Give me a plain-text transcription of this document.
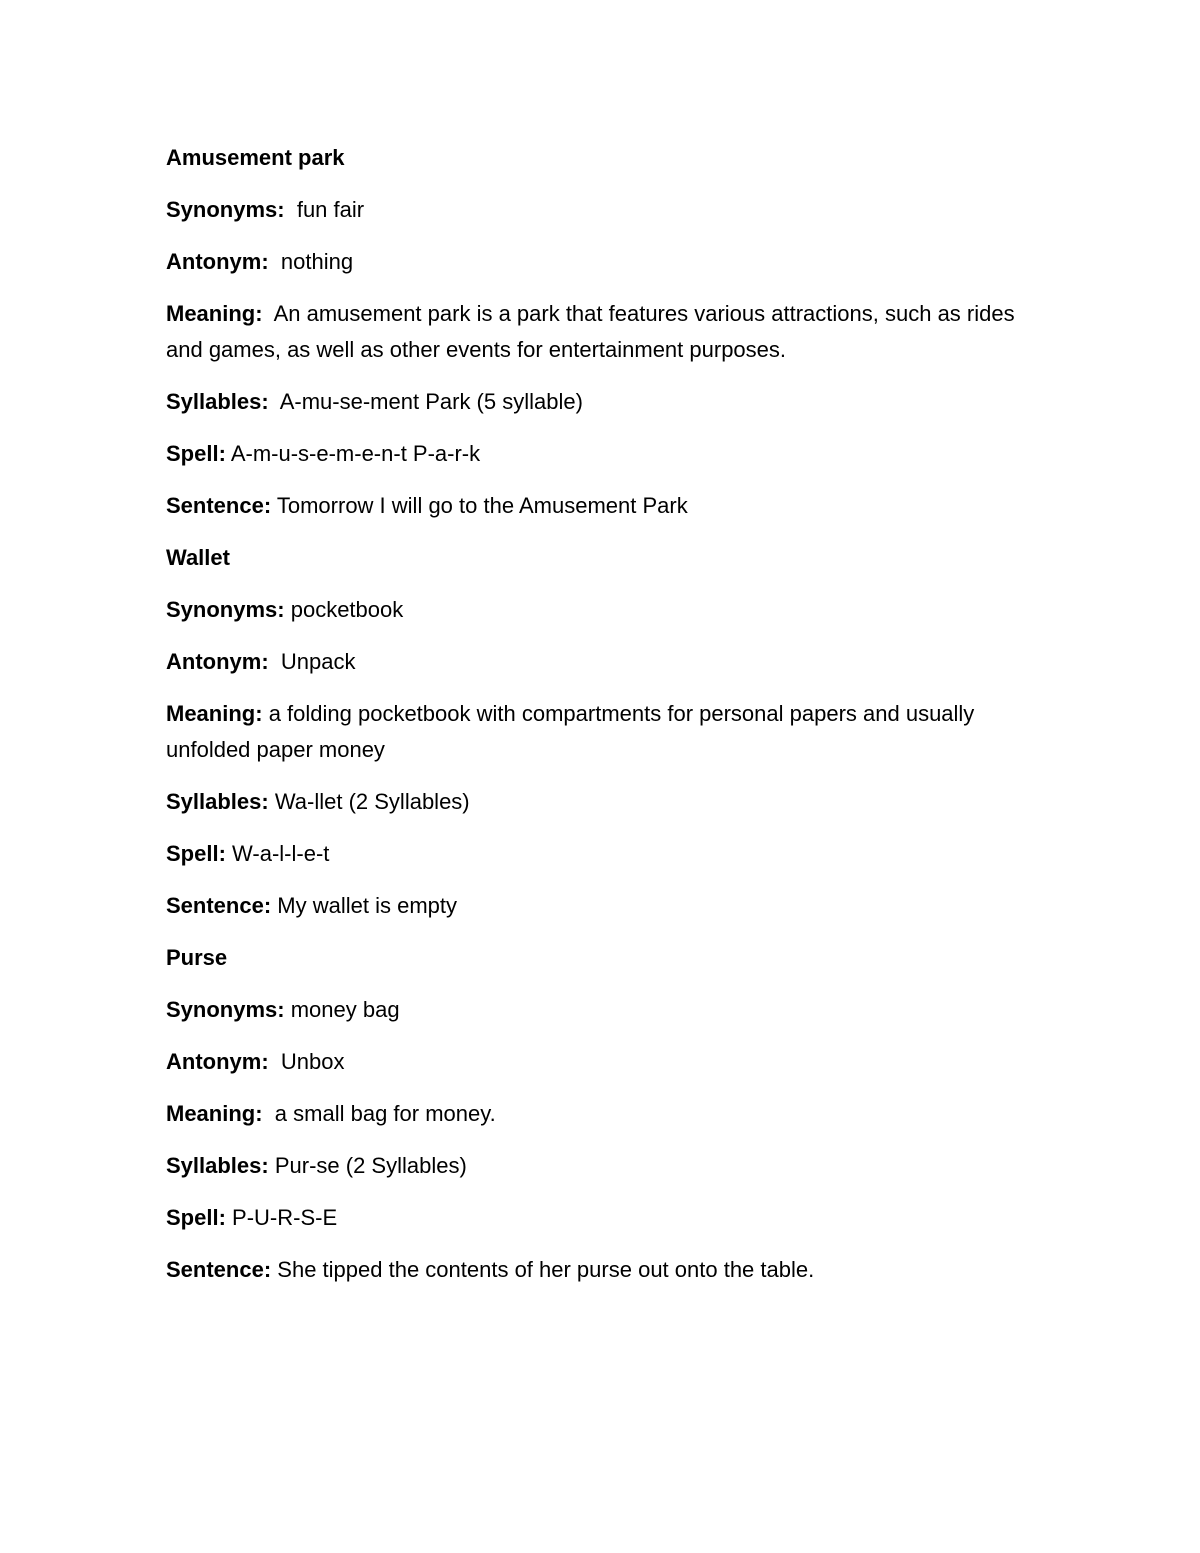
Amusement park

Synonyms: fun fair

Antonym: nothing

Meaning: An amusement park is a park that features various attractions, such as rides and games, as well as other events for entertainment purposes.

Syllables: A-mu-se-ment Park (5 syllable)

Spell: A-m-u-s-e-m-e-n-t P-a-r-k

Sentence: Tomorrow I will go to the Amusement Park

Wallet

Synonyms: pocketbook

Antonym: Unpack

Meaning: a folding pocketbook with compartments for personal papers and usually unfolded paper money

Syllables: Wa-llet (2 Syllables)

Spell: W-a-l-l-e-t

Sentence: My wallet is empty

Purse

Synonyms: money bag

Antonym: Unbox

Meaning: a small bag for money.

Syllables: Pur-se (2 Syllables)

Spell: P-U-R-S-E

Sentence: She tipped the contents of her purse out onto the table.
